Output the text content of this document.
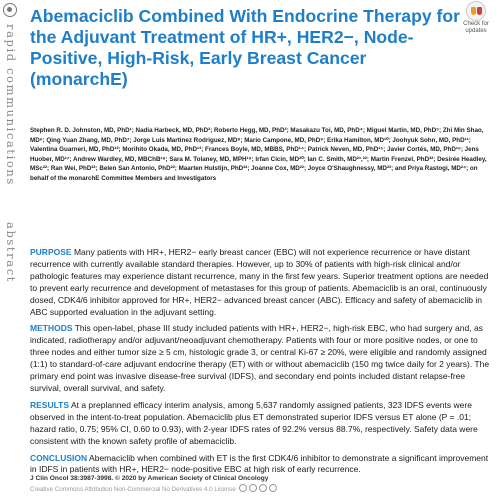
rapid communications
abstract
Abemaciclib Combined With Endocrine Therapy for the Adjuvant Treatment of HR+, HER2−, Node-Positive, High-Risk, Early Breast Cancer (monarchE)
Check for updates

Stephen R. D. Johnston, MD, PhD¹; Nadia Harbeck, MD, PhD²; Roberto Hegg, MD, PhD³; Masakazu Toi, MD, PhD⁴; Miguel Martin, MD, PhD⁵; Zhi Min Shao, MD⁶; Qing Yuan Zhang, MD, PhD⁷; Jorge Luis Martinez Rodriguez, MD⁸; Mario Campone, MD, PhD⁹; Erika Hamilton, MD¹⁰; Joohyuk Sohn, MD, PhD¹¹; Valentina Guarneri, MD, PhD¹²; Morihito Okada, MD, PhD¹³; Frances Boyle, MD, MBBS, PhD¹⁴; Patrick Neven, MD, PhD¹⁵; Javier Cortés, MD, PhD¹⁶; Jens Huober, MD¹⁷; Andrew Wardley, MD, MBChB¹⁸; Sara M. Tolaney, MD, MPH¹⁹; Irfan Cicin, MD²⁰; Ian C. Smith, MD²¹,²²; Martin Frenzel, PhD²²; Desirée Headley, MSc²²; Ran Wei, PhD²²; Belen San Antonio, PhD²²; Maarten Hulstijn, PhD²²; Joanne Cox, MD²²; Joyce O'Shaughnessy, MD²³; and Priya Rastogi, MD²⁴; on behalf of the monarchE Committee Members and Investigators

PURPOSE Many patients with HR+, HER2− early breast cancer (EBC) will not experience recurrence or have distant recurrence with currently available standard therapies. However, up to 30% of patients with high-risk clinical and/or pathologic features may experience distant recurrence, many in the first few years. Superior treatment options are needed to prevent early recurrence and development of metastases for this group of patients. Abemaciclib is an oral, continuously dosed, CDK4/6 inhibitor approved for HR+, HER2− advanced breast cancer (ABC). Efficacy and safety of abemaciclib in ABC supported evaluation in the adjuvant setting.

METHODS This open-label, phase III study included patients with HR+, HER2−, high-risk EBC, who had surgery and, as indicated, radiotherapy and/or adjuvant/neoadjuvant chemotherapy. Patients with four or more positive nodes, or one to three nodes and either tumor size ≥ 5 cm, histologic grade 3, or central Ki-67 ≥ 20%, were eligible and randomly assigned (1:1) to standard-of-care adjuvant endocrine therapy (ET) with or without abemaciclib (150 mg twice daily for 2 years). The primary end point was invasive disease-free survival (IDFS), and secondary end points included distant relapse-free survival, overall survival, and safety.

RESULTS At a preplanned efficacy interim analysis, among 5,637 randomly assigned patients, 323 IDFS events were observed in the intent-to-treat population. Abemaciclib plus ET demonstrated superior IDFS versus ET alone (P = .01; hazard ratio, 0.75; 95% CI, 0.60 to 0.93), with 2-year IDFS rates of 92.2% versus 88.7%, respectively. Safety data were consistent with the known safety profile of abemaciclib.

CONCLUSION Abemaciclib when combined with ET is the first CDK4/6 inhibitor to demonstrate a significant improvement in IDFS in patients with HR+, HER2− node-positive EBC at high risk of early recurrence.

J Clin Oncol 38:3987-3998. © 2020 by American Society of Clinical Oncology
Creative Commons Attribution Non-Commercial No Derivatives 4.0 License
